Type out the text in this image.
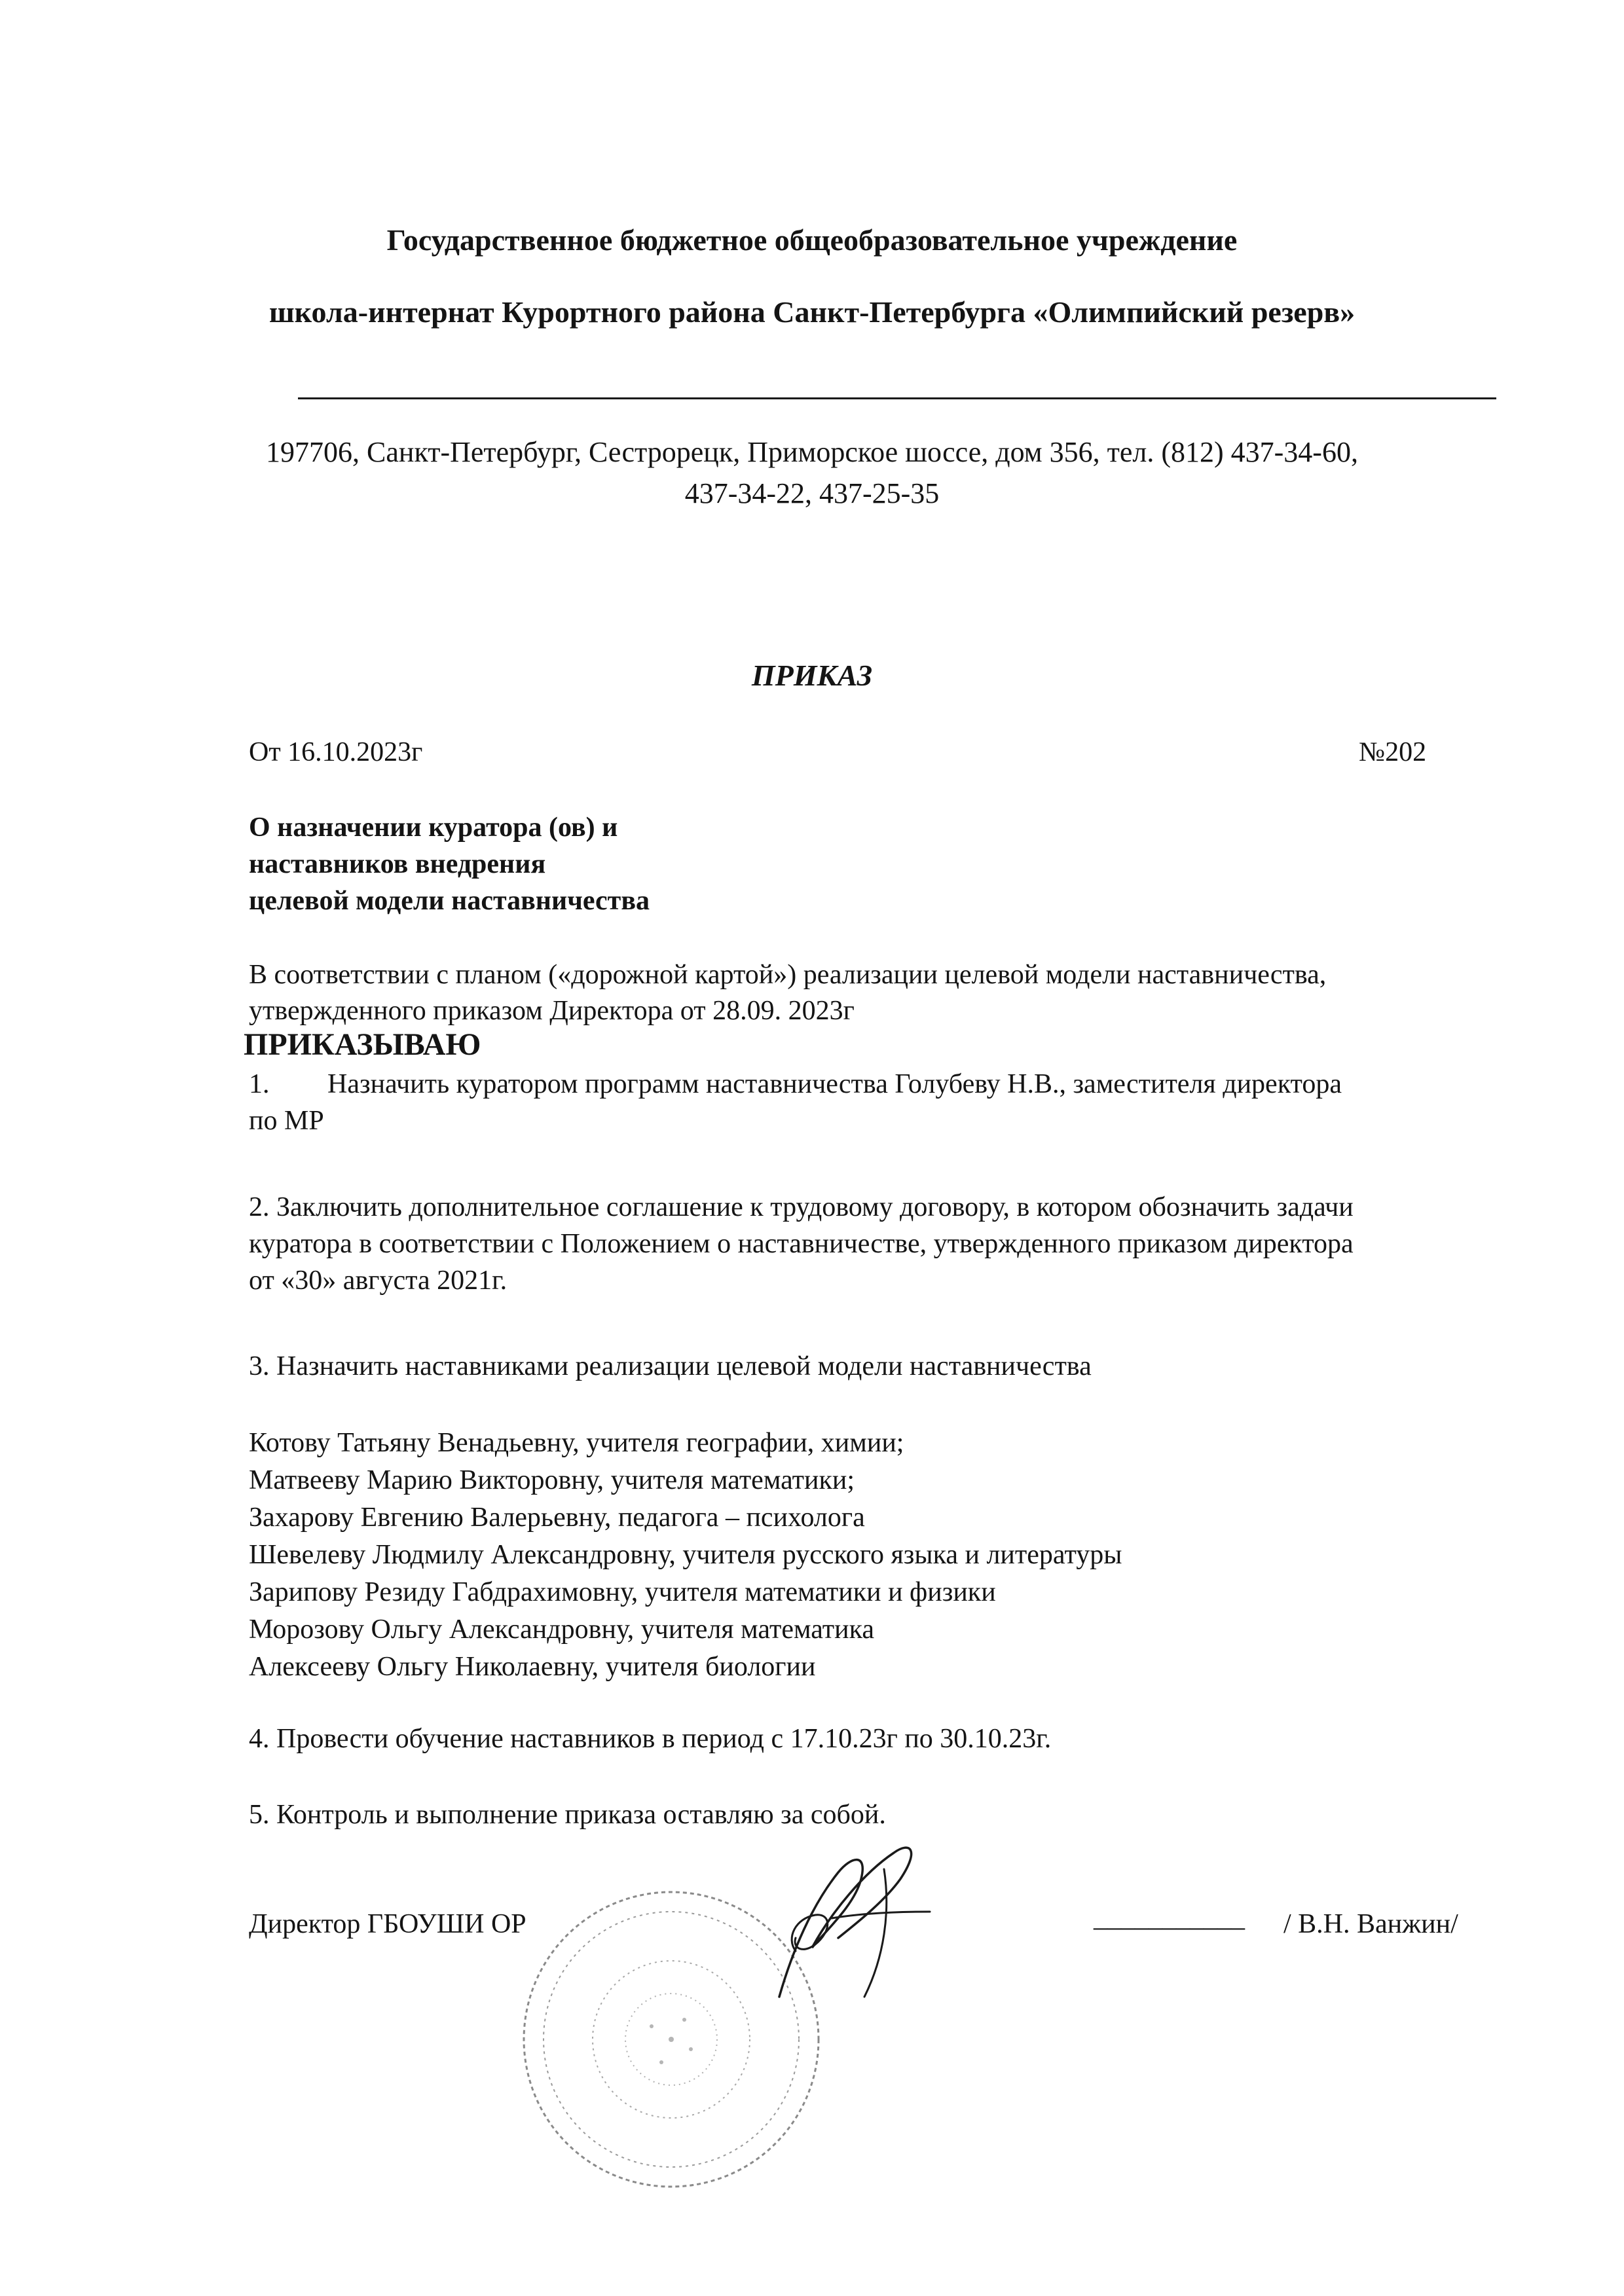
Государственное бюджетное общеобразовательное учреждение
школа-интернат Курортного района Санкт-Петербурга «Олимпийский резерв»
197706, Санкт-Петербург, Сестрорецк, Приморское шоссе, дом 356, тел. (812) 437-34-60,
437-34-22, 437-25-35
ПРИКАЗ
От 16.10.2023г	№202
О назначении куратора (ов) и
наставников внедрения
целевой модели наставничества
В соответствии с планом («дорожной картой») реализации целевой модели наставничества,
утвержденного приказом Директора от 28.09. 2023г
ПРИКАЗЫВАЮ
1. Назначить куратором программ наставничества Голубеву Н.В., заместителя директора
по МР
2. Заключить дополнительное соглашение к трудовому договору, в котором обозначить задачи
куратора в соответствии с Положением о наставничестве, утвержденного приказом директора
от «30» августа 2021г.
3. Назначить наставниками реализации целевой модели наставничества
Котову Татьяну Венадьевну, учителя географии, химии;
Матвееву Марию Викторовну, учителя математики;
Захарову Евгению Валерьевну, педагога – психолога
Шевелеву Людмилу Александровну, учителя русского языка и литературы
Зарипову Резиду Габдрахимовну, учителя математики и физики
Морозову Ольгу Александровну, учителя математика
Алексееву Ольгу Николаевну, учителя биологии
4. Провести обучение наставников в период с 17.10.23г по 30.10.23г.
5. Контроль и выполнение приказа оставляю за собой.
Директор ГБОУШИ ОР	___________ / В.Н. Ванжин/
